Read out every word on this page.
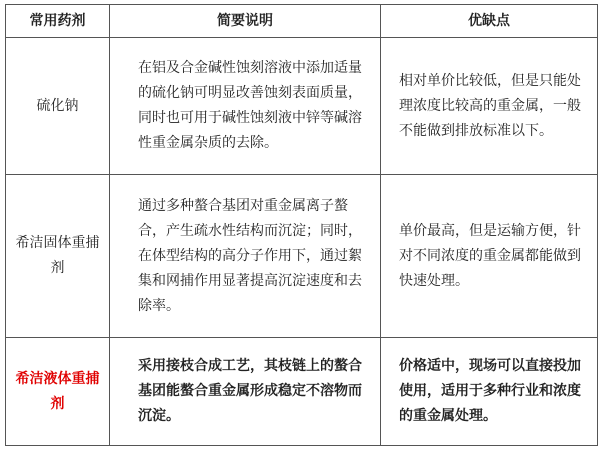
常用药剂	简要说明	优缺点
硫化钠	在铝及合金碱性蚀刻溶液中添加适量的硫化钠可明显改善蚀刻表面质量，同时也可用于碱性蚀刻液中锌等碱溶性重金属杂质的去除。	相对单价比较低，但是只能处理浓度比较高的重金属，一般不能做到排放标准以下。
希洁固体重捕剂	通过多种螯合基团对重金属离子螯合，产生疏水性结构而沉淀；同时，在体型结构的高分子作用下，通过絮集和网捕作用显著提高沉淀速度和去除率。	单价最高，但是运输方便，针对不同浓度的重金属都能做到快速处理。
希洁液体重捕剂	采用接枝合成工艺，其枝链上的螯合基团能螯合重金属形成稳定不溶物而沉淀。	价格适中，现场可以直接投加使用，适用于多种行业和浓度的重金属处理。
